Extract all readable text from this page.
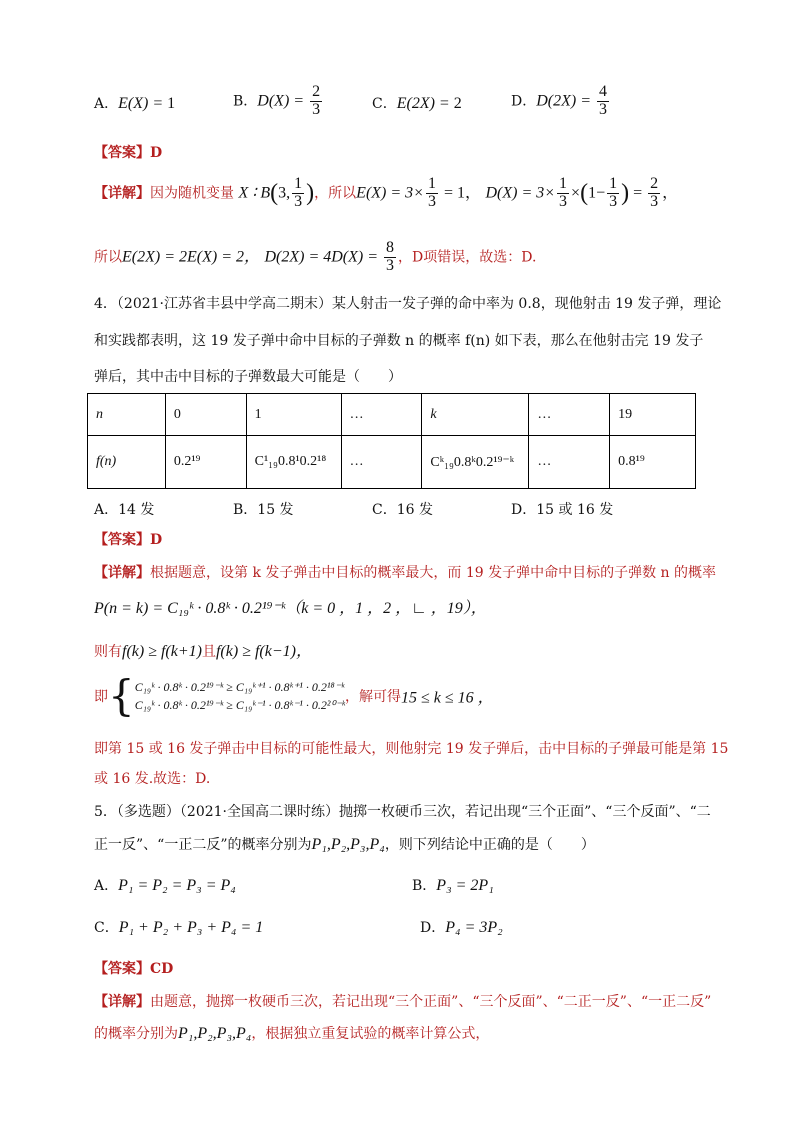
A．E(X) = 1	B．$D(X) = \frac{2}{3}$	C．E(2X) = 2	D．$D(2X) = \frac{4}{3}$
【答案】D
【详解】因为随机变量 X ∶ B(3, $\frac{1}{3}$ )，所以$E(X) = 3\times \frac{1}{3} = 1$， $D(X) = 3\times \frac{1}{3} \times(1- \frac{1}{3}$ ) = $\frac{2}{3}$ ，
所以E(2X) = 2E(X) = 2， $D(2X) = 4D(X) = \frac{8}{3}$ ，D项错误，故选：D.
4．（2021·江苏省丰县中学高二期末）某人射击一发子弹的命中率为 0.8，现他射击 19 发子弹，理论
和实践都表明，这 19 发子弹中命中目标的子弹数 n 的概率 f(n) 如下表，那么在他射击完 19 发子
弹后，其中击中目标的子弹数最大可能是（　　）
n	0	1	…	k	…	19
f(n)	0.2¹⁹	C¹₁₉0.8¹0.2¹⁸	…	Cᵏ₁₉0.8ᵏ0.2¹⁹⁻ᵏ	…	0.8¹⁹
A．14 发	B．15 发	C．16 发	D．15 或 16 发
【答案】D
【详解】根据题意，设第 k 发子弹击中目标的概率最大，而 19 发子弹中命中目标的子弹数 n 的概率
P(n = k) = C₁₉ᵏ · 0.8ᵏ · 0.2¹⁹⁻ᵏ（k = 0 ，1 ，2 ，∟ ，19），
则有f(k) ≥ f(k+1)且f(k) ≥ f(k−1)，
即{ C₁₉ᵏ · 0.8ᵏ · 0.2¹⁹⁻ᵏ ≥ C₁₉ᵏ⁺¹ · 0.8ᵏ⁺¹ · 0.2¹⁸⁻ᵏ
C₁₉ᵏ · 0.8ᵏ · 0.2¹⁹⁻ᵏ ≥ C₁₉ᵏ⁻¹ · 0.8ᵏ⁻¹ · 0.2²⁰⁻ᵏ ，解可得15 ≤ k ≤ 16 ，
即第 15 或 16 发子弹击中目标的可能性最大，则他射完 19 发子弹后，击中目标的子弹最可能是第 15
或 16 发.故选：D.
5．（多选题）（2021·全国高二课时练）抛掷一枚硬币三次，若记出现“三个正面”、“三个反面”、“二
正一反”、“一正二反”的概率分别为P₁,P₂,P₃,P₄，则下列结论中正确的是（　　）
A．P₁ = P₂ = P₃ = P₄	B．P₃ = 2P₁
C．P₁ + P₂ + P₃ + P₄ = 1	D．P₄ = 3P₂
【答案】CD
【详解】由题意，抛掷一枚硬币三次，若记出现“三个正面”、“三个反面”、“二正一反”、“一正二反”
的概率分别为P₁,P₂,P₃,P₄，根据独立重复试验的概率计算公式，
